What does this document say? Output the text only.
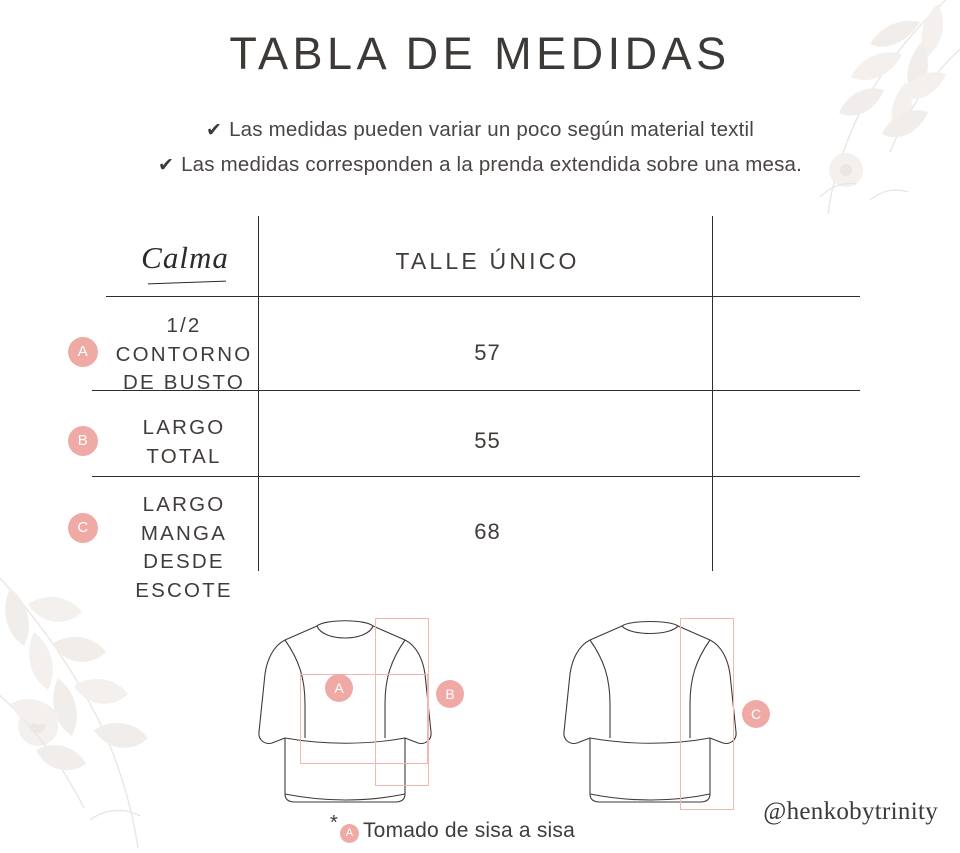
TABLA DE MEDIDAS
✔ Las medidas pueden variar un poco según material textil
✔ Las medidas corresponden a la prenda extendida sobre una mesa.
Calma	TALLE ÚNICO
A
1/2
CONTORNO
DE BUSTO
57
B
LARGO
TOTAL
55
C
LARGO
MANGA
DESDE
ESCOTE
68
A	B
C
* A Tomado de sisa a sisa
@henkobytrinity
